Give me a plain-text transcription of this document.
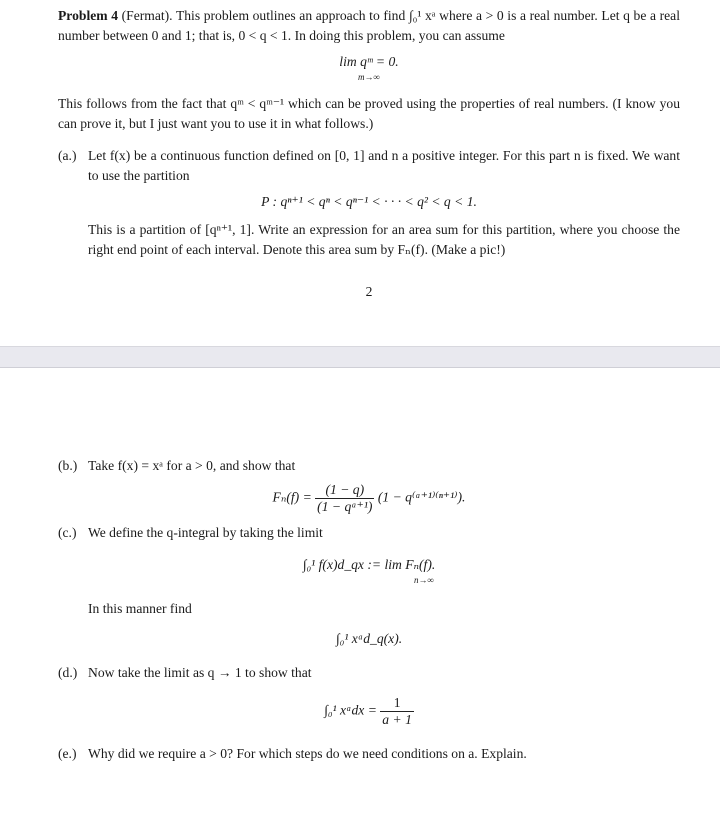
Problem 4 (Fermat). This problem outlines an approach to find ∫₀¹ xᵃ where a > 0 is a real number. Let q be a real number between 0 and 1; that is, 0 < q < 1. In doing this problem, you can assume
lim qᵐ = 0.
m→∞
This follows from the fact that qᵐ < qᵐ⁻¹ which can be proved using the properties of real numbers. (I know you can prove it, but I just want you to use it in what follows.)
(a.) Let f(x) be a continuous function defined on [0, 1] and n a positive integer. For this part n is fixed. We want to use the partition
P : qⁿ⁺¹ < qⁿ < qⁿ⁻¹ < · · · < q² < q < 1.
This is a partition of [qⁿ⁺¹, 1]. Write an expression for an area sum for this partition, where you choose the right end point of each interval. Denote this area sum by Fₙ(f). (Make a pic!)
2
(b.) Take f(x) = xᵃ for a > 0, and show that
$F_n(f) = \frac{(1 - q)}{\text{(1 − qᵃ⁺¹)}} (1$ − q⁽ᵃ⁺¹⁾⁽ⁿ⁺¹⁾).
(c.) We define the q-integral by taking the limit
∫₀¹ f(x)d_qx := lim Fₙ(f).
n→∞
In this manner find
∫₀¹ xᵃd_q(x).
(d.) Now take the limit as q → 1 to show that
∫₀¹ xᵃdx = $\frac{1}{a + 1}$
(e.) Why did we require a > 0? For which steps do we need conditions on a. Explain.
